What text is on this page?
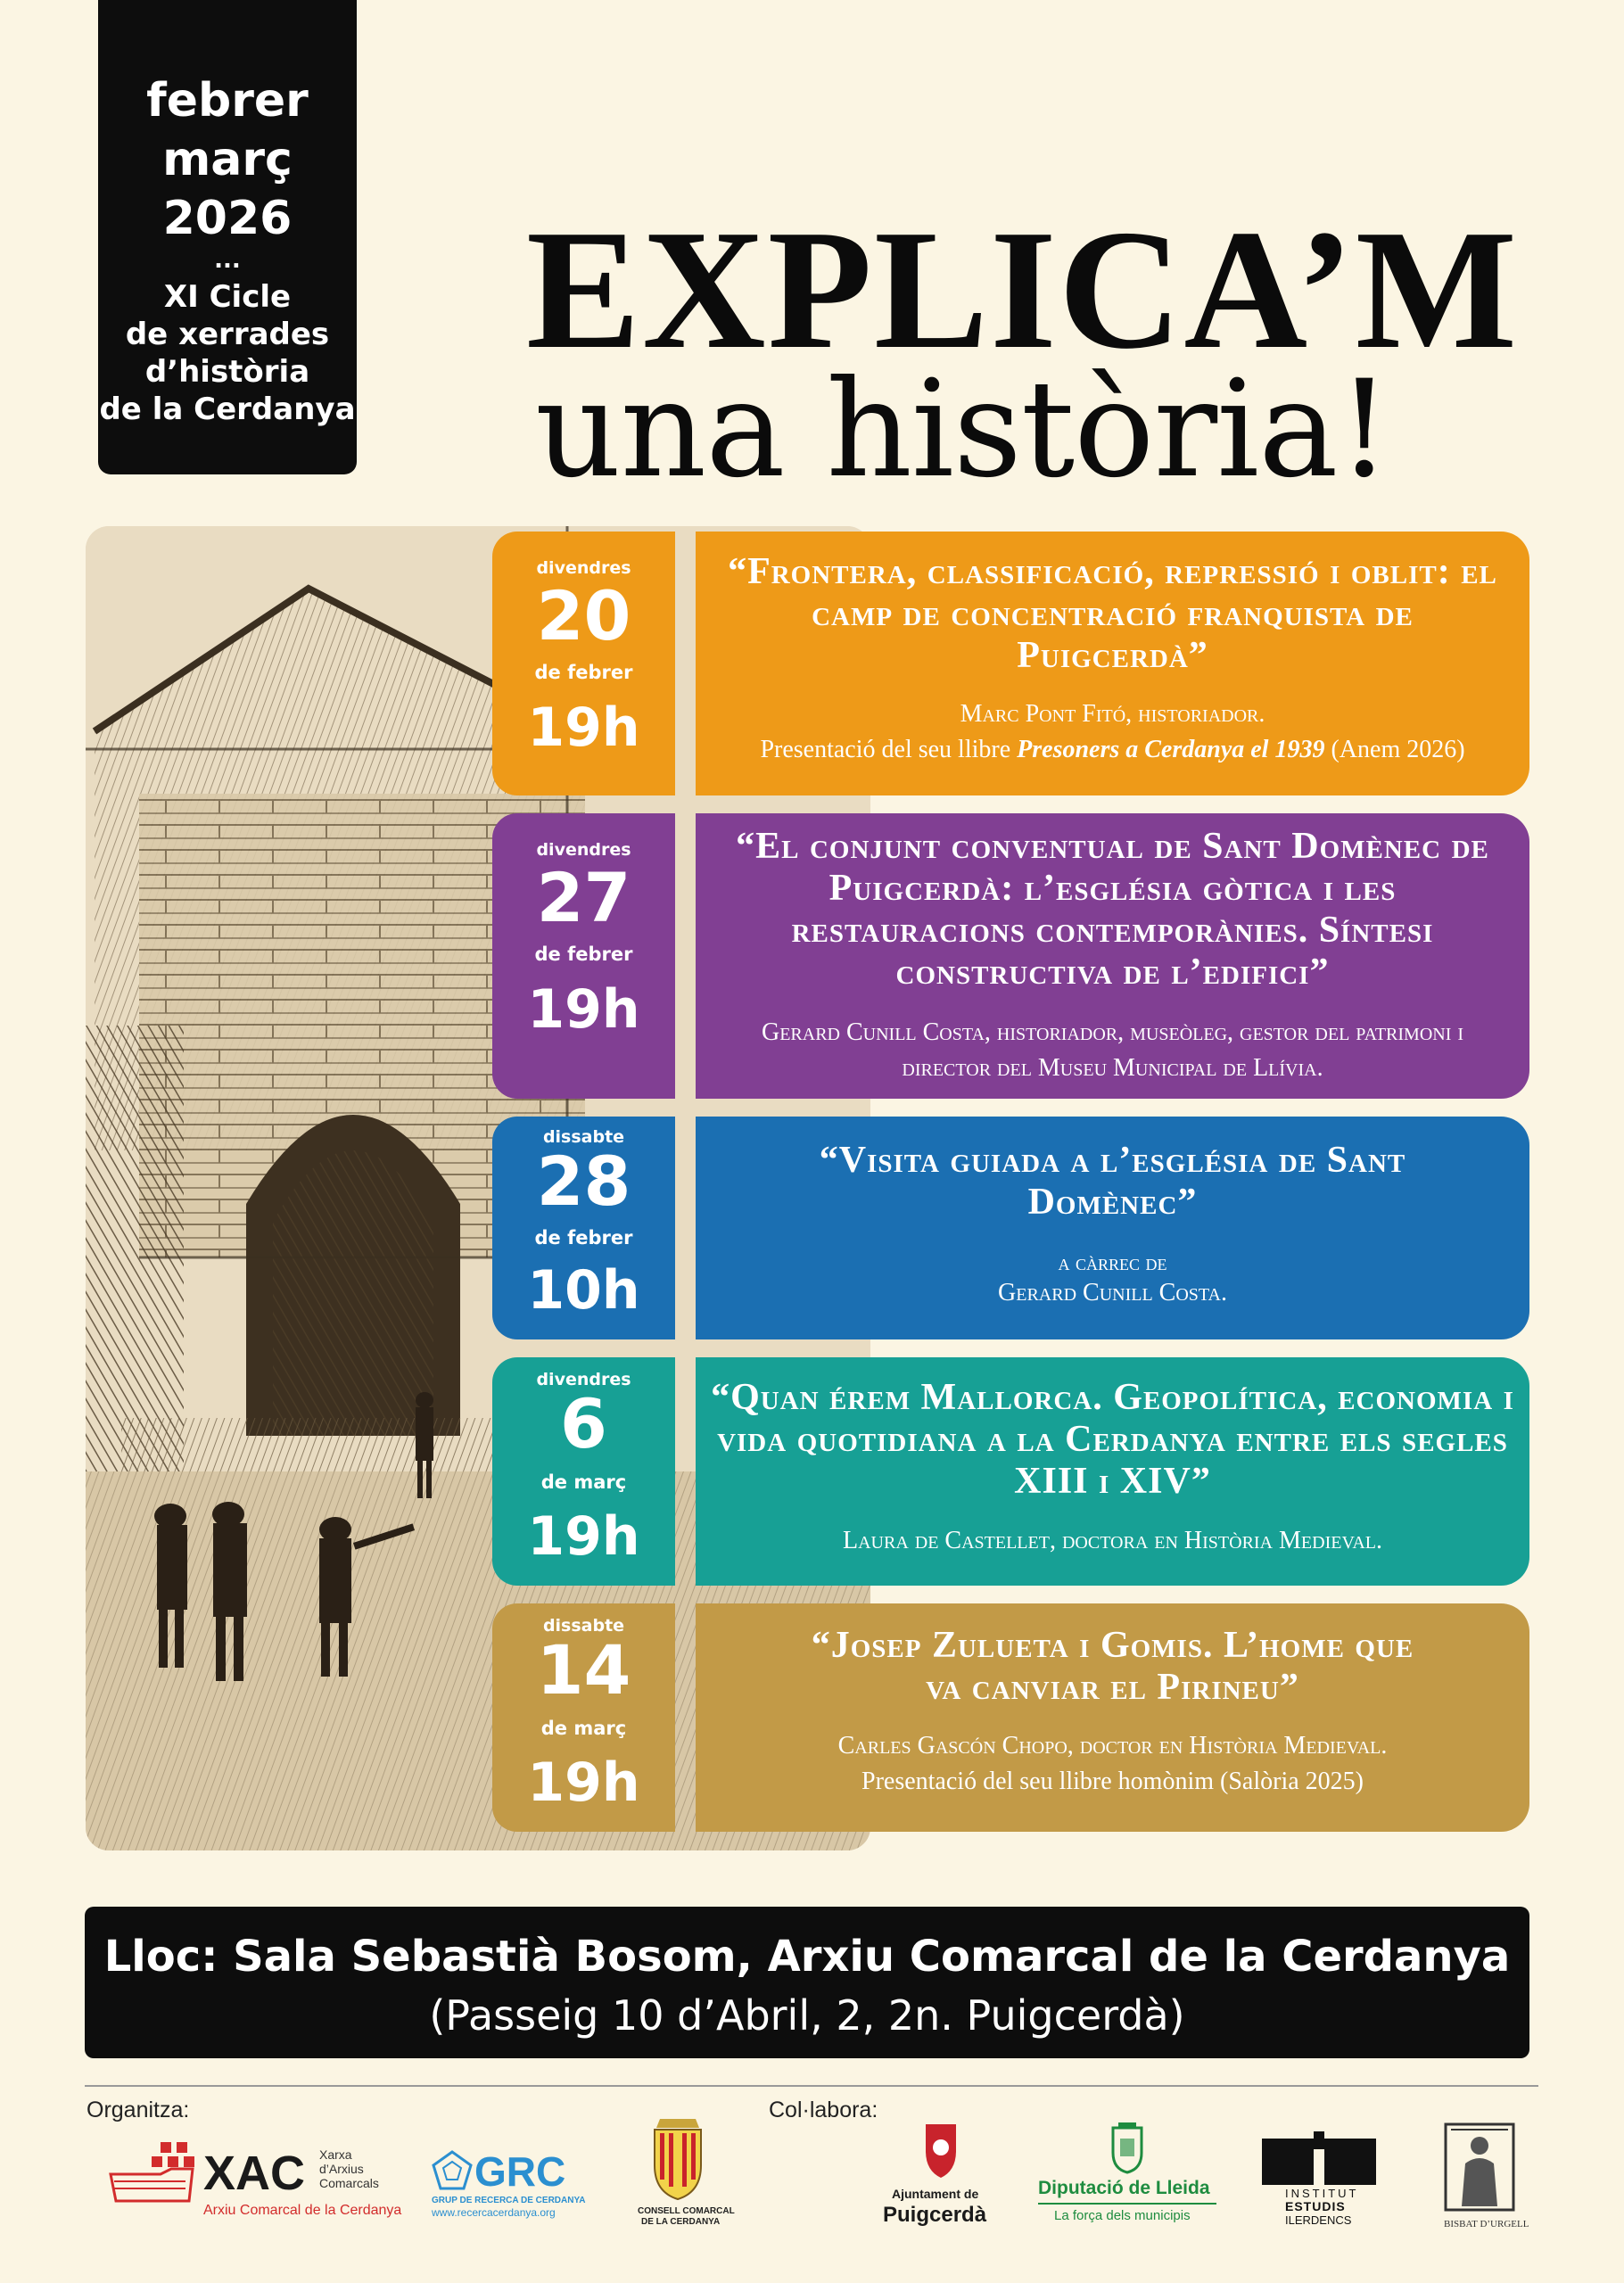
febrer
març
2026
...
XI Cicle
de xerrades
d’història
de la Cerdanya
EXPLICA’M
una història!
divendres
20
de febrer
19h
“Frontera, classificació, repressió i oblit: el camp de concentració franquista de Puigcerdà”
Marc Pont Fitó, historiador.
Presentació del seu llibre Presoners a Cerdanya el 1939 (Anem 2026)
divendres
27
de febrer
19h
“El conjunt conventual de Sant Domènec de Puigcerdà: l’església gòtica i les restauracions contemporànies. Síntesi constructiva de l’edifici”
Gerard Cunill Costa, historiador, museòleg, gestor del patrimoni i director del Museu Municipal de Llívia.
dissabte
28
de febrer
10h
“Visita guiada a l’església de Sant Domènec”
a càrrec de
Gerard Cunill Costa.
divendres
6
de març
19h
“Quan érem Mallorca. Geopolítica, economia i vida quotidiana a la Cerdanya entre els segles XIII i XIV”
Laura de Castellet, doctora en Història Medieval.
dissabte
14
de març
19h
“Josep Zulueta i Gomis. L’home que va canviar el Pirineu”
Carles Gascón Chopo, doctor en Història Medieval.
Presentació del seu llibre homònim (Salòria 2025)
Lloc: Sala Sebastià Bosom, Arxiu Comarcal de la Cerdanya
(Passeig 10 d’Abril, 2, 2n. Puigcerdà)
Organitza:	Col·labora:
XAC Xarxa
d’Arxius
Comarcals
Arxiu Comarcal de la Cerdanya
GRC
GRUP DE RECERCA DE CERDANYA
www.recercacerdanya.org	CONSELL COMARCAL
DE LA CERDANYA
Ajuntament de
Puigcerdà
Diputació de Lleida
La força dels municipis
INSTITUT
ESTUDIS
ILERDENCS	BISBAT D’URGELL
